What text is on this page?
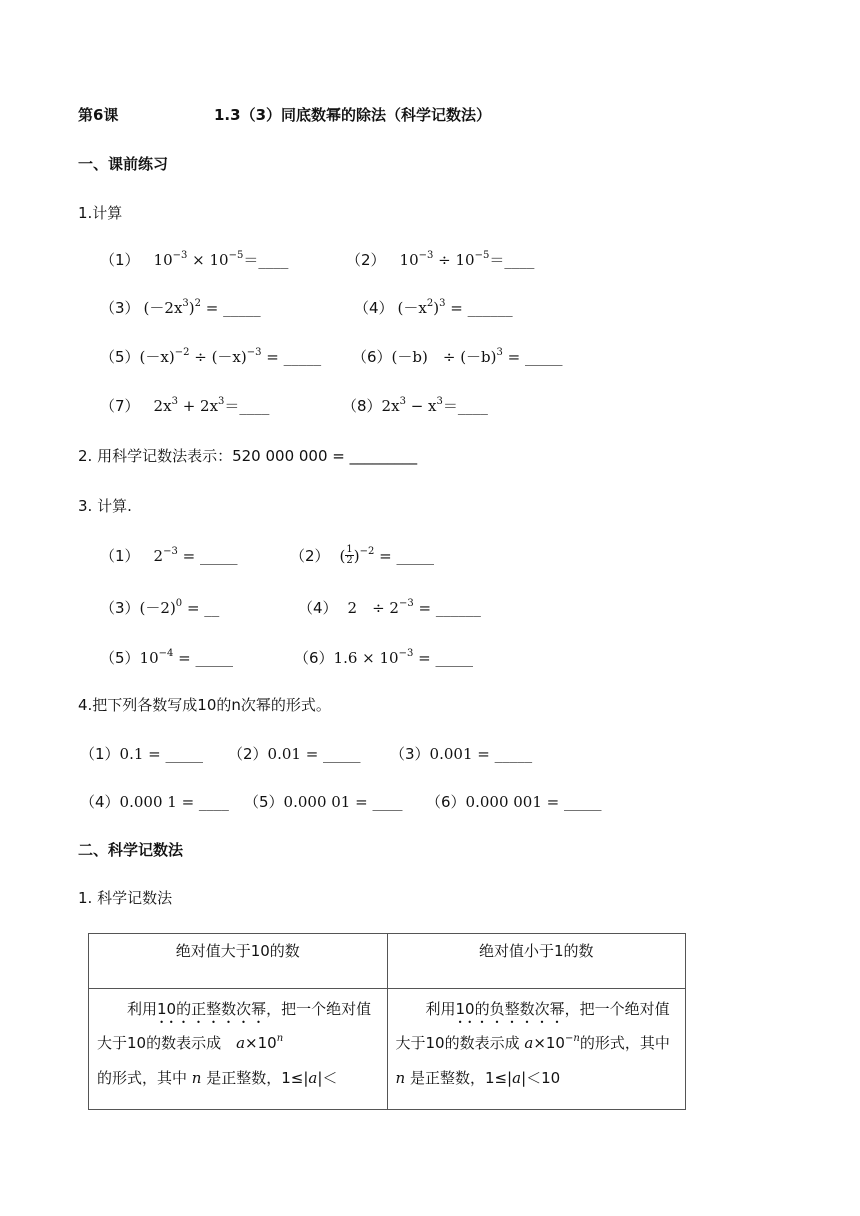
第6课	1.3（3）同底数幂的除法（科学记数法）
一、课前练习
1.计算
（1） $10^{-3}$ × $10^{-5}=\_\_\_\_$	（2） $10^{-3}$ ÷ $10^{-5}=\_\_\_\_$
（3） $(-2x^3)^2$ = _____	（4） $(-x^2)^3$ = ______
$(5)(-x)^{-2} \div (-x)^{-3}$ = _____ （6）(－b)　÷ $(-b)^3$ = _____
（7） $2x^3$ + $2x^3=\_\_\_\_$	$(8)2x^3$ − $x^3=\_\_\_\_$
2. 用科学记数法表示：520 000 000 = _________
3. 计算.
（1） $2^{-3}$ = _____	（2） ( $\frac{1}{2} )^{-2}$ = _____
$(3)(-2)^0$ = __	（4） 2　÷ $2^{-3}$ = ______
$(5)10^{-4}$ = _____	$(6)1.6 \times 10^{-3}$ = _____
4.把下列各数写成10的n次幂的形式。
（1）0.1 = _____ （2）0.01 = _____ （3）0.001 = _____
（4）0.000 1 = ____ （5）0.000 01 = ____ （6）0.000 001 = _____
二、科学记数法
1. 科学记数法
绝对值大于10的数	绝对值小于1的数
利用10的正整数次幂，把一个绝对值大于10的数表示成　$a\times 10^n$
的形式，其中 n 是正整数，1≤|a|＜	利用10的负整数次幂，把一个绝对值大于10的数表示成 $a\times 10^{-n}$的形式，其中 n 是正整数，1≤|a|＜10
